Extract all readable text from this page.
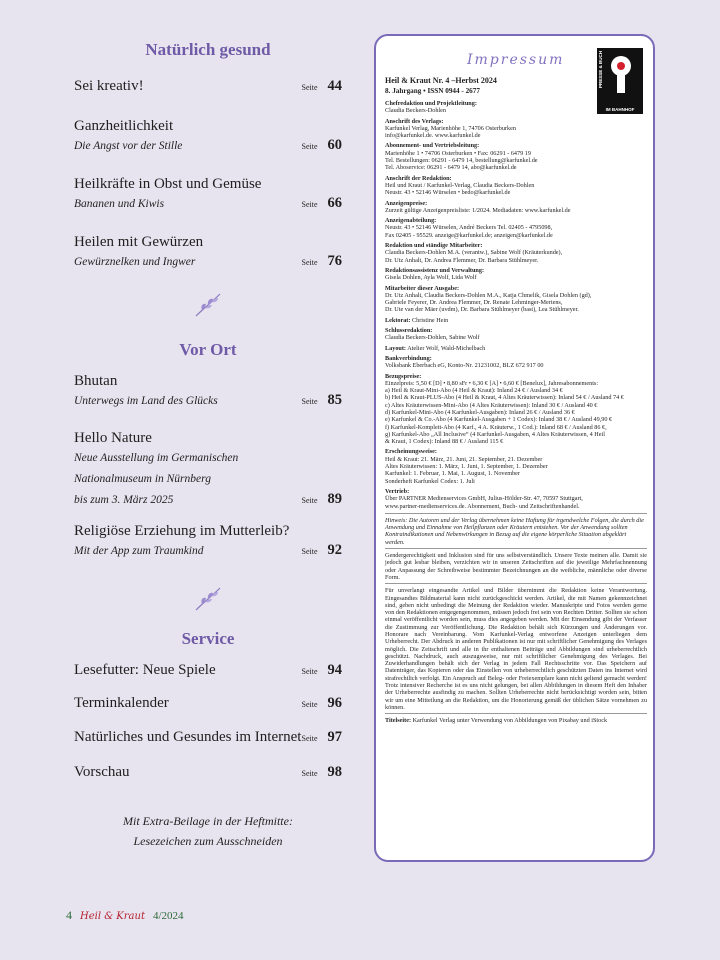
Natürlich gesund
Sei kreativ!	Seite 44
Ganzheitlichkeit
Die Angst vor der Stille	Seite 60
Heilkräfte in Obst und Gemüse
Bananen und Kiwis	Seite 66
Heilen mit Gewürzen
Gewürznelken und Ingwer	Seite 76
Vor Ort
Bhutan
Unterwegs im Land des Glücks	Seite 85
Hello Nature
Neue Ausstellung im Germanischen
Nationalmuseum in Nürnberg
bis zum 3. März 2025	Seite 89
Religiöse Erziehung im Mutterleib?
Mit der App zum Traumkind	Seite 92
Service
Lesefutter: Neue Spiele	Seite 94
Terminkalender	Seite 96
Natürliches und Gesundes im Internet Seite 97
Vorschau	Seite 98
Mit Extra-Beilage in der Heftmitte:
Lesezeichen zum Ausschneiden
4 Heil & Kraut 4/2024
Impressum	PRESSE & BUCH
IM BAHNHOF
Heil & Kraut Nr. 4 –Herbst 2024
8. Jahrgang • ISSN 0944 - 2677

Chefredaktion und Projektleitung:

Claudia Beckers-Dohlen

Anschrift des Verlags:

Karfunkel Verlag, Marienhöhe 1, 74706 Osterburken

info@karfunkel.de. www.karfunkel.de

Abonnement- und Vertriebsleitung:

Marienhöhe 1 • 74706 Osterburken • Fax: 06291 - 6479 19

Tel. Bestellungen: 06291 - 6479 14, bestellung@karfunkel.de

Tel. Aboservice: 06291 - 6479 14, abo@karfunkel.de

Anschrift der Redaktion:

Heil und Kraut / Karfunkel-Verlag, Claudia Beckers-Dohlen

Neustr. 43 • 52146 Würselen • bedo@karfunkel.de

Anzeigenpreise:

Zurzeit gültige Anzeigenpreisliste: 1/2024. Mediadaten: www.karfunkel.de

Anzeigenabteilung:

Neustr. 43 • 52146 Würselen, André Beckers Tel. 02405 - 4795098,

Fax 02405 - 95529. anzeige@karfunkel.de; anzeigen@karfunkel.de

Redaktion und ständige Mitarbeiter:

Claudia Beckers-Dohlen M.A. (verantw.), Sabine Wolf (Kräuterkunde),

Dr. Utz Anhalt, Dr. Andrea Flemmer, Dr. Barbara Stühlmeyer.

Redaktionsassistenz und Verwaltung:

Gisela Dohlen, Ayla Wolf, Lida Wolf

Mitarbeiter dieser Ausgabe:

Dr. Utz Anhalt, Claudia Beckers-Dohlen M.A., Katja Chmelik, Gisela Dohlen (gd),

Gabriele Feyerer, Dr. Andrea Flemmer, Dr. Renate Lehminger-Mertens,

Dr. Ute van der Mäer (uvdm), Dr. Barbara Stühlmeyer (bast), Lea Stühlmeyer.

Lektorat: Christine Hein

Schlussredaktion:

Claudia Beckers-Dohlen, Sabine Wolf

Layout: Atelier Wolf, Wald-Michelbach

Bankverbindung:

Volksbank Eberbach eG, Konto-Nr. 21231002, BLZ 672 917 00

Bezugspreise:

Einzelpreis: 5,50 € [D] • 8,80 sFr • 6,30 € [A] • 6,60 € [Benelux], Jahresabonnements:

a) Heil & Kraut-Mini-Abo (4 Heil & Kraut): Inland 24 € / Ausland 34 €

b) Heil & Kraut-PLUS-Abo (4 Heil & Kraut, 4 Altes Kräuterwissen): Inland 54 € / Ausland 74 €

c) Altes Kräuterwissen-Mini-Abo (4 Altes Kräuterwissen): Inland 30 € / Ausland 40 €

d) Karfunkel-Mini-Abo (4 Karfunkel-Ausgaben): Inland 26 € / Ausland 36 €

e) Karfunkel & Co.-Abo (4 Karfunkel-Ausgaben + 1 Codex): Inland 38 € / Ausland 49,90 €

f) Karfunkel-Komplett-Abo (4 Karf., 4 A. Kräuterw., 1 Cod.): Inland 68 € / Ausland 86 €,

g) Karfunkel-Abo „All Inclusive“ (4 Karfunkel-Ausgaben, 4 Altes Kräuterwissen, 4 Heil

& Kraut, 1 Codex): Inland 88 € / Ausland 115 €

Erscheinungsweise:

Heil & Kraut: 21. März, 21. Juni, 21. September, 21. Dezember

Altes Kräuterwissen: 1. März, 1. Juni, 1. September, 1. Dezember

Karfunkel: 1. Februar, 1. Mai, 1. August, 1. November

Sonderheft Karfunkel Codex: 1. Juli

Vertrieb:

Über PARTNER Medienservices GmbH, Julius-Hölder-Str. 47, 70597 Stuttgart,

www.partner-medienservices.de. Abonnement, Buch- und Zeitschriftenhandel.

Hinweis: Die Autoren und der Verlag übernehmen keine Haftung für irgendwelche Folgen, die durch die Anwendung und Einnahme von Heilpflanzen oder Kräutern entstehen. Vor der Anwendung sollten Kontraindikationen und Nebenwirkungen in Bezug auf die eigene körperliche Situation abgeklärt werden.

Gendergerechtigkeit und Inklusion sind für uns selbstverständlich. Unsere Texte meinen alle. Damit sie jedoch gut lesbar bleiben, verzichten wir in unseren Zeitschriften auf die jeweilige Mehrfachnennung oder Anpassung der Schreibweise bestimmter Bezeichnungen an die weibliche, männliche oder diverse Form.

Für unverlangt eingesandte Artikel und Bilder übernimmt die Redaktion keine Verantwortung. Eingesandtes Bildmaterial kann nicht zurückgeschickt werden. Artikel, die mit Namen gekennzeichnet sind, geben nicht unbedingt die Meinung der Redaktion wieder. Manuskripte und Fotos werden gerne von den Redaktionen entgegengenommen, müssen jedoch frei sein von Rechten Dritter. Sollten sie schon einmal veröffentlicht worden sein, muss dies angegeben werden. Mit der Einsendung gibt der Verfasser die Zustimmung zur Veröffentlichung. Die Redaktion behält sich Kürzungen und Änderungen vor. Honorare nach Vereinbarung. Vom Karfunkel-Verlag entworfene Anzeigen unterliegen dem Urheberrecht. Der Abdruck in anderen Publikationen ist nur mit schriftlicher Genehmigung des Verlages möglich. Die Zeitschrift und alle in ihr enthaltenen Beiträge und Abbildungen sind urheberrechtlich geschützt. Nachdruck, auch auszugsweise, nur mit schriftlicher Genehmigung des Verlages. Bei Zuwiderhandlungen behält sich der Verlag in jedem Fall Rechtsschritte vor. Das Speichern auf Datenträger, das Kopieren oder das Einstellen von urheberrechtlich geschützten Daten ins Internet wird strafrechtlich verfolgt. Ein Anspruch auf Beleg- oder Freiexemplare kann nicht geltend gemacht werden! Trotz intensiver Recherche ist es uns nicht gelungen, bei allen Abbildungen in diesem Heft den Inhaber der Urheberrechte ausfindig zu machen. Sollten Urheberrechte nicht berücksichtigt worden sein, bitten wir um eine Mitteilung an die Redaktion, um die Honorierung gemäß der üblichen Sätze vornehmen zu können.

Titelseite: Karfunkel Verlag unter Verwendung von Abbildungen von Pixabay und iStock
